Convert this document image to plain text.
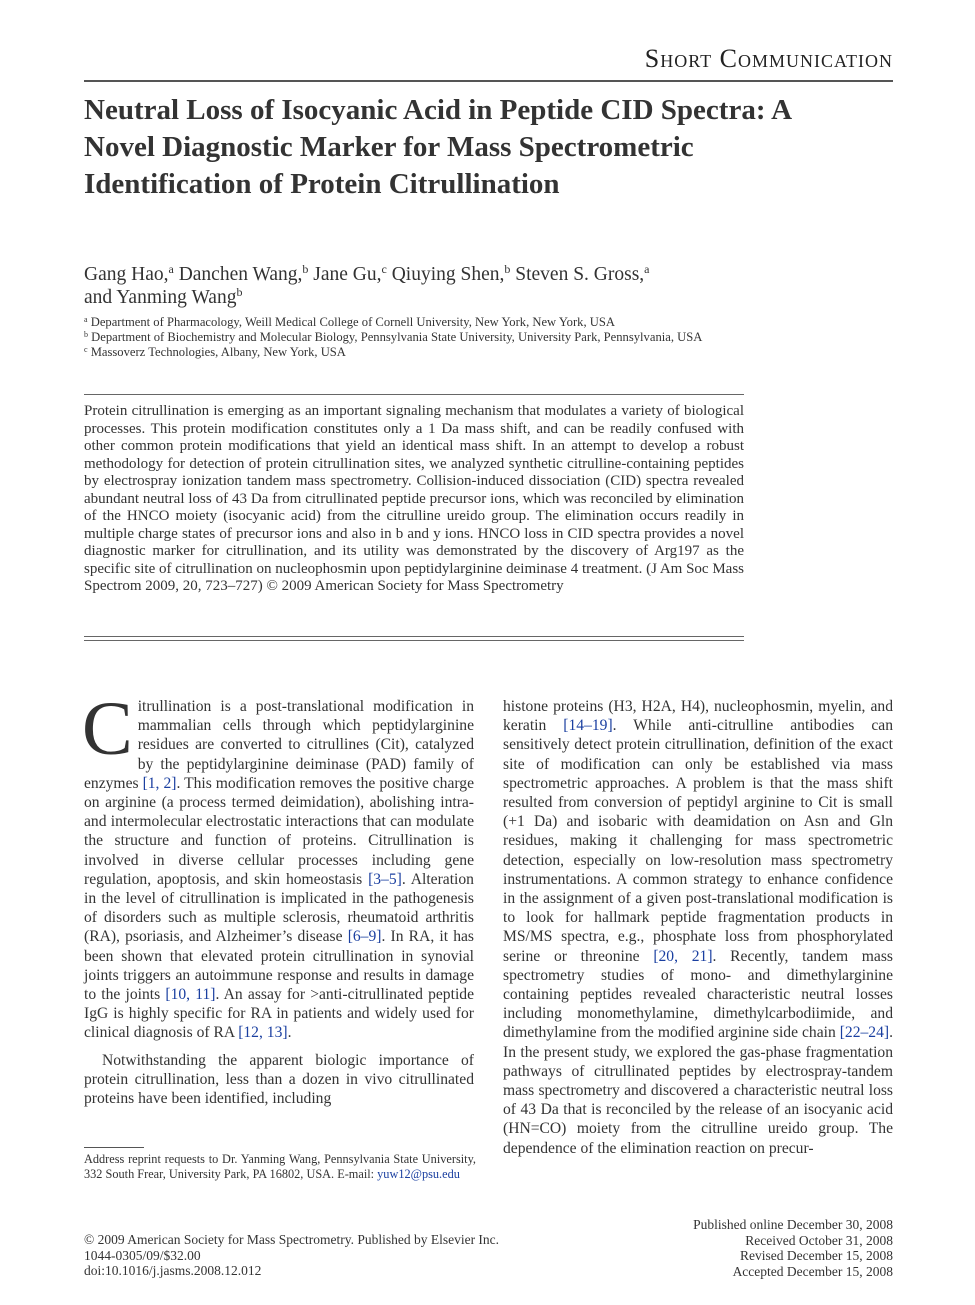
Short Communication
Neutral Loss of Isocyanic Acid in Peptide CID Spectra: A Novel Diagnostic Marker for Mass Spectrometric Identification of Protein Citrullination
Gang Hao,$^a$ Danchen Wang,$^b$ Jane Gu,$^c$ Qiuying Shen,$^b$ Steven S. Gross,$^a$
and Yanming Wang$^b$
$^a$ Department of Pharmacology, Weill Medical College of Cornell University, New York, New York, USA
$^b$ Department of Biochemistry and Molecular Biology, Pennsylvania State University, University Park, Pennsylvania, USA
$^c$ Massoverz Technologies, Albany, New York, USA
Protein citrullination is emerging as an important signaling mechanism that modulates a variety of biological processes. This protein modification constitutes only a 1 Da mass shift, and can be readily confused with other common protein modifications that yield an identical mass shift. In an attempt to develop a robust methodology for detection of protein citrullination sites, we analyzed synthetic citrulline-containing peptides by electrospray ionization tandem mass spectrometry. Collision-induced dissociation (CID) spectra revealed abundant neutral loss of 43 Da from citrullinated peptide precursor ions, which was reconciled by elimination of the HNCO moiety (isocyanic acid) from the citrulline ureido group. The elimination occurs readily in multiple charge states of precursor ions and also in b and y ions. HNCO loss in CID spectra provides a novel diagnostic marker for citrullination, and its utility was demonstrated by the discovery of Arg197 as the specific site of citrullination on nucleophosmin upon peptidylarginine deiminase 4 treatment. (J Am Soc Mass Spectrom 2009, 20, 723–727) © 2009 American Society for Mass Spectrometry

Citrullination is a post-translational modification in mammalian cells through which peptidylarginine residues are converted to citrullines (Cit), catalyzed by the peptidylarginine deiminase (PAD) family of enzymes [1, 2]. This modification removes the positive charge on arginine (a process termed deimidation), abolishing intra- and intermolecular electrostatic interactions that can modulate the structure and function of proteins. Citrullination is involved in diverse cellular processes including gene regulation, apoptosis, and skin homeostasis [3–5]. Alteration in the level of citrullination is implicated in the pathogenesis of disorders such as multiple sclerosis, rheumatoid arthritis (RA), psoriasis, and Alzheimer’s disease [6–9]. In RA, it has been shown that elevated protein citrullination in synovial joints triggers an autoimmune response and results in damage to the joints [10, 11]. An assay for >anti-citrullinated peptide IgG is highly specific for RA in patients and widely used for clinical diagnosis of RA [12, 13].

Notwithstanding the apparent biologic importance of protein citrullination, less than a dozen in vivo citrullinated proteins have been identified, including

histone proteins (H3, H2A, H4), nucleophosmin, myelin, and keratin [14–19]. While anti-citrulline antibodies can sensitively detect protein citrullination, definition of the exact site of modification can only be established via mass spectrometric approaches. A problem is that the mass shift resulted from conversion of peptidyl arginine to Cit is small (+1 Da) and isobaric with deamidation on Asn and Gln residues, making it challenging for mass spectrometric detection, especially on low-resolution mass spectrometry instrumentations. A common strategy to enhance confidence in the assignment of a given post-translational modification is to look for hallmark peptide fragmentation products in MS/MS spectra, e.g., phosphate loss from phosphorylated serine or threonine [20, 21]. Recently, tandem mass spectrometry studies of mono- and dimethylarginine containing peptides revealed characteristic neutral losses including monomethylamine, dimethylcarbodiimide, and dimethylamine from the modified arginine side chain [22–24]. In the present study, we explored the gas-phase fragmentation pathways of citrullinated peptides by electrospray-tandem mass spectrometry and discovered a characteristic neutral loss of 43 Da that is reconciled by the release of an isocyanic acid (HN=CO) moiety from the citrulline ureido group. The dependence of the elimination reaction on precur-

Address reprint requests to Dr. Yanming Wang, Pennsylvania State University, 332 South Frear, University Park, PA 16802, USA. E-mail: yuw12@psu.edu
© 2009 American Society for Mass Spectrometry. Published by Elsevier Inc.
1044-0305/09/$32.00
doi:10.1016/j.jasms.2008.12.012
Published online December 30, 2008
Received October 31, 2008
Revised December 15, 2008
Accepted December 15, 2008
